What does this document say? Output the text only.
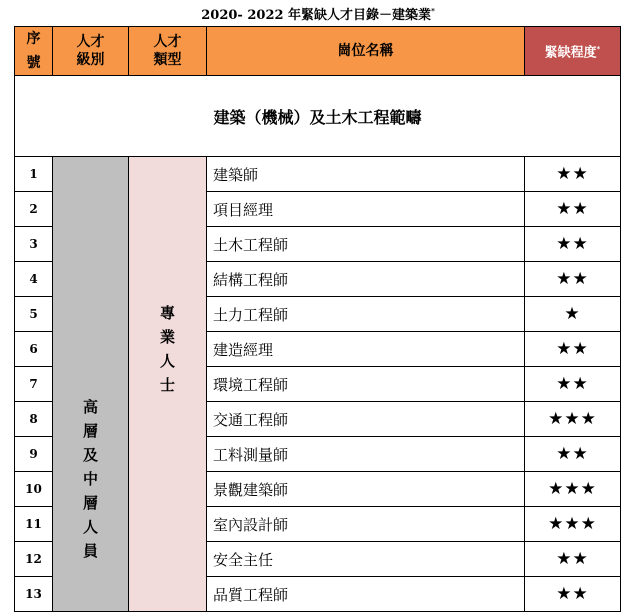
2020- 2022 年緊缺人才目錄－建築業*
序號	人才級別	人才類型	崗位名稱	緊缺程度*
建築（機械）及土木工程範疇				
1	高層及中層人員	專業人士	建築師	★★
2			項目經理	★★
3			土木工程師	★★
4			結構工程師	★★
5			土力工程師	★
6			建造經理	★★
7			環境工程師	★★
8			交通工程師	★★★
9			工料測量師	★★
10			景觀建築師	★★★
11			室內設計師	★★★
12			安全主任	★★
13			品質工程師	★★
